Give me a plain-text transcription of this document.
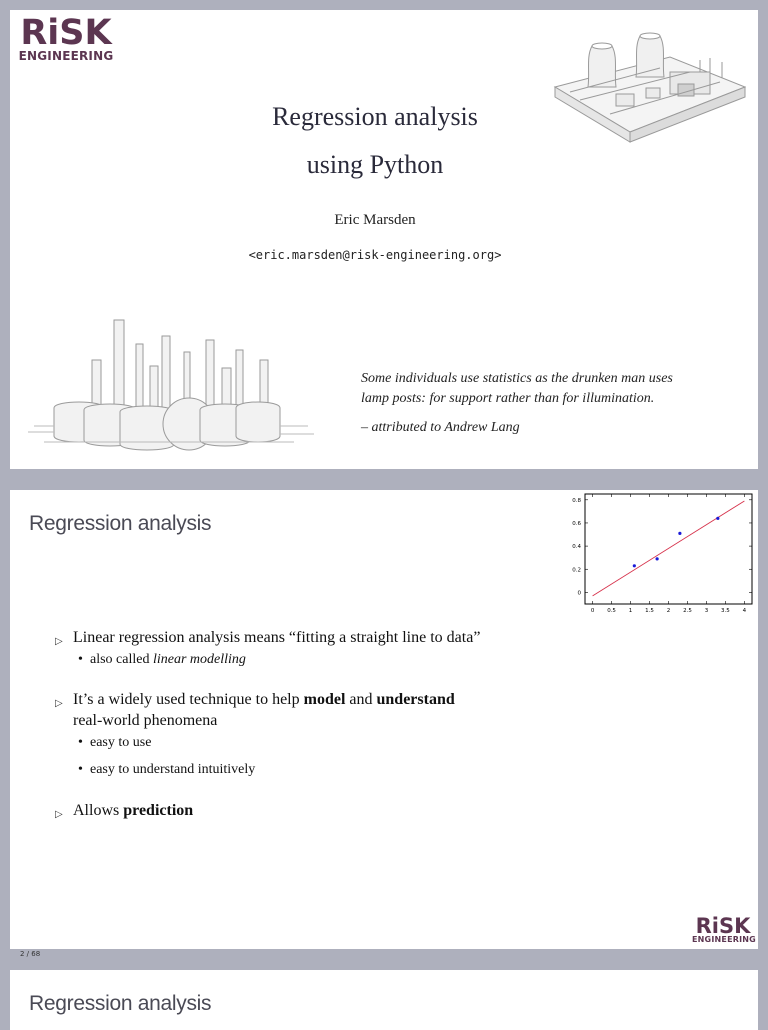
RiSK
ENGINEERING
Regression analysis
using Python
Eric Marsden
<eric.marsden@risk-engineering.org>
Some individuals use statistics as the drunken man uses
lamp posts: for support rather than for illumination.
– attributed to Andrew Lang
Regression analysis
0 0.5 1 1.5 2 2.5 3 3.5 4
0
0.2
0.4
0.6
0.8
▷ Linear regression analysis means “fitting a straight line to data”
• also called linear modelling
▷ It’s a widely used technique to help model and understand
real-world phenomena
• easy to use
• easy to understand intuitively
▷ Allows prediction
RiSK
ENGINEERING
2 / 68
Regression analysis
